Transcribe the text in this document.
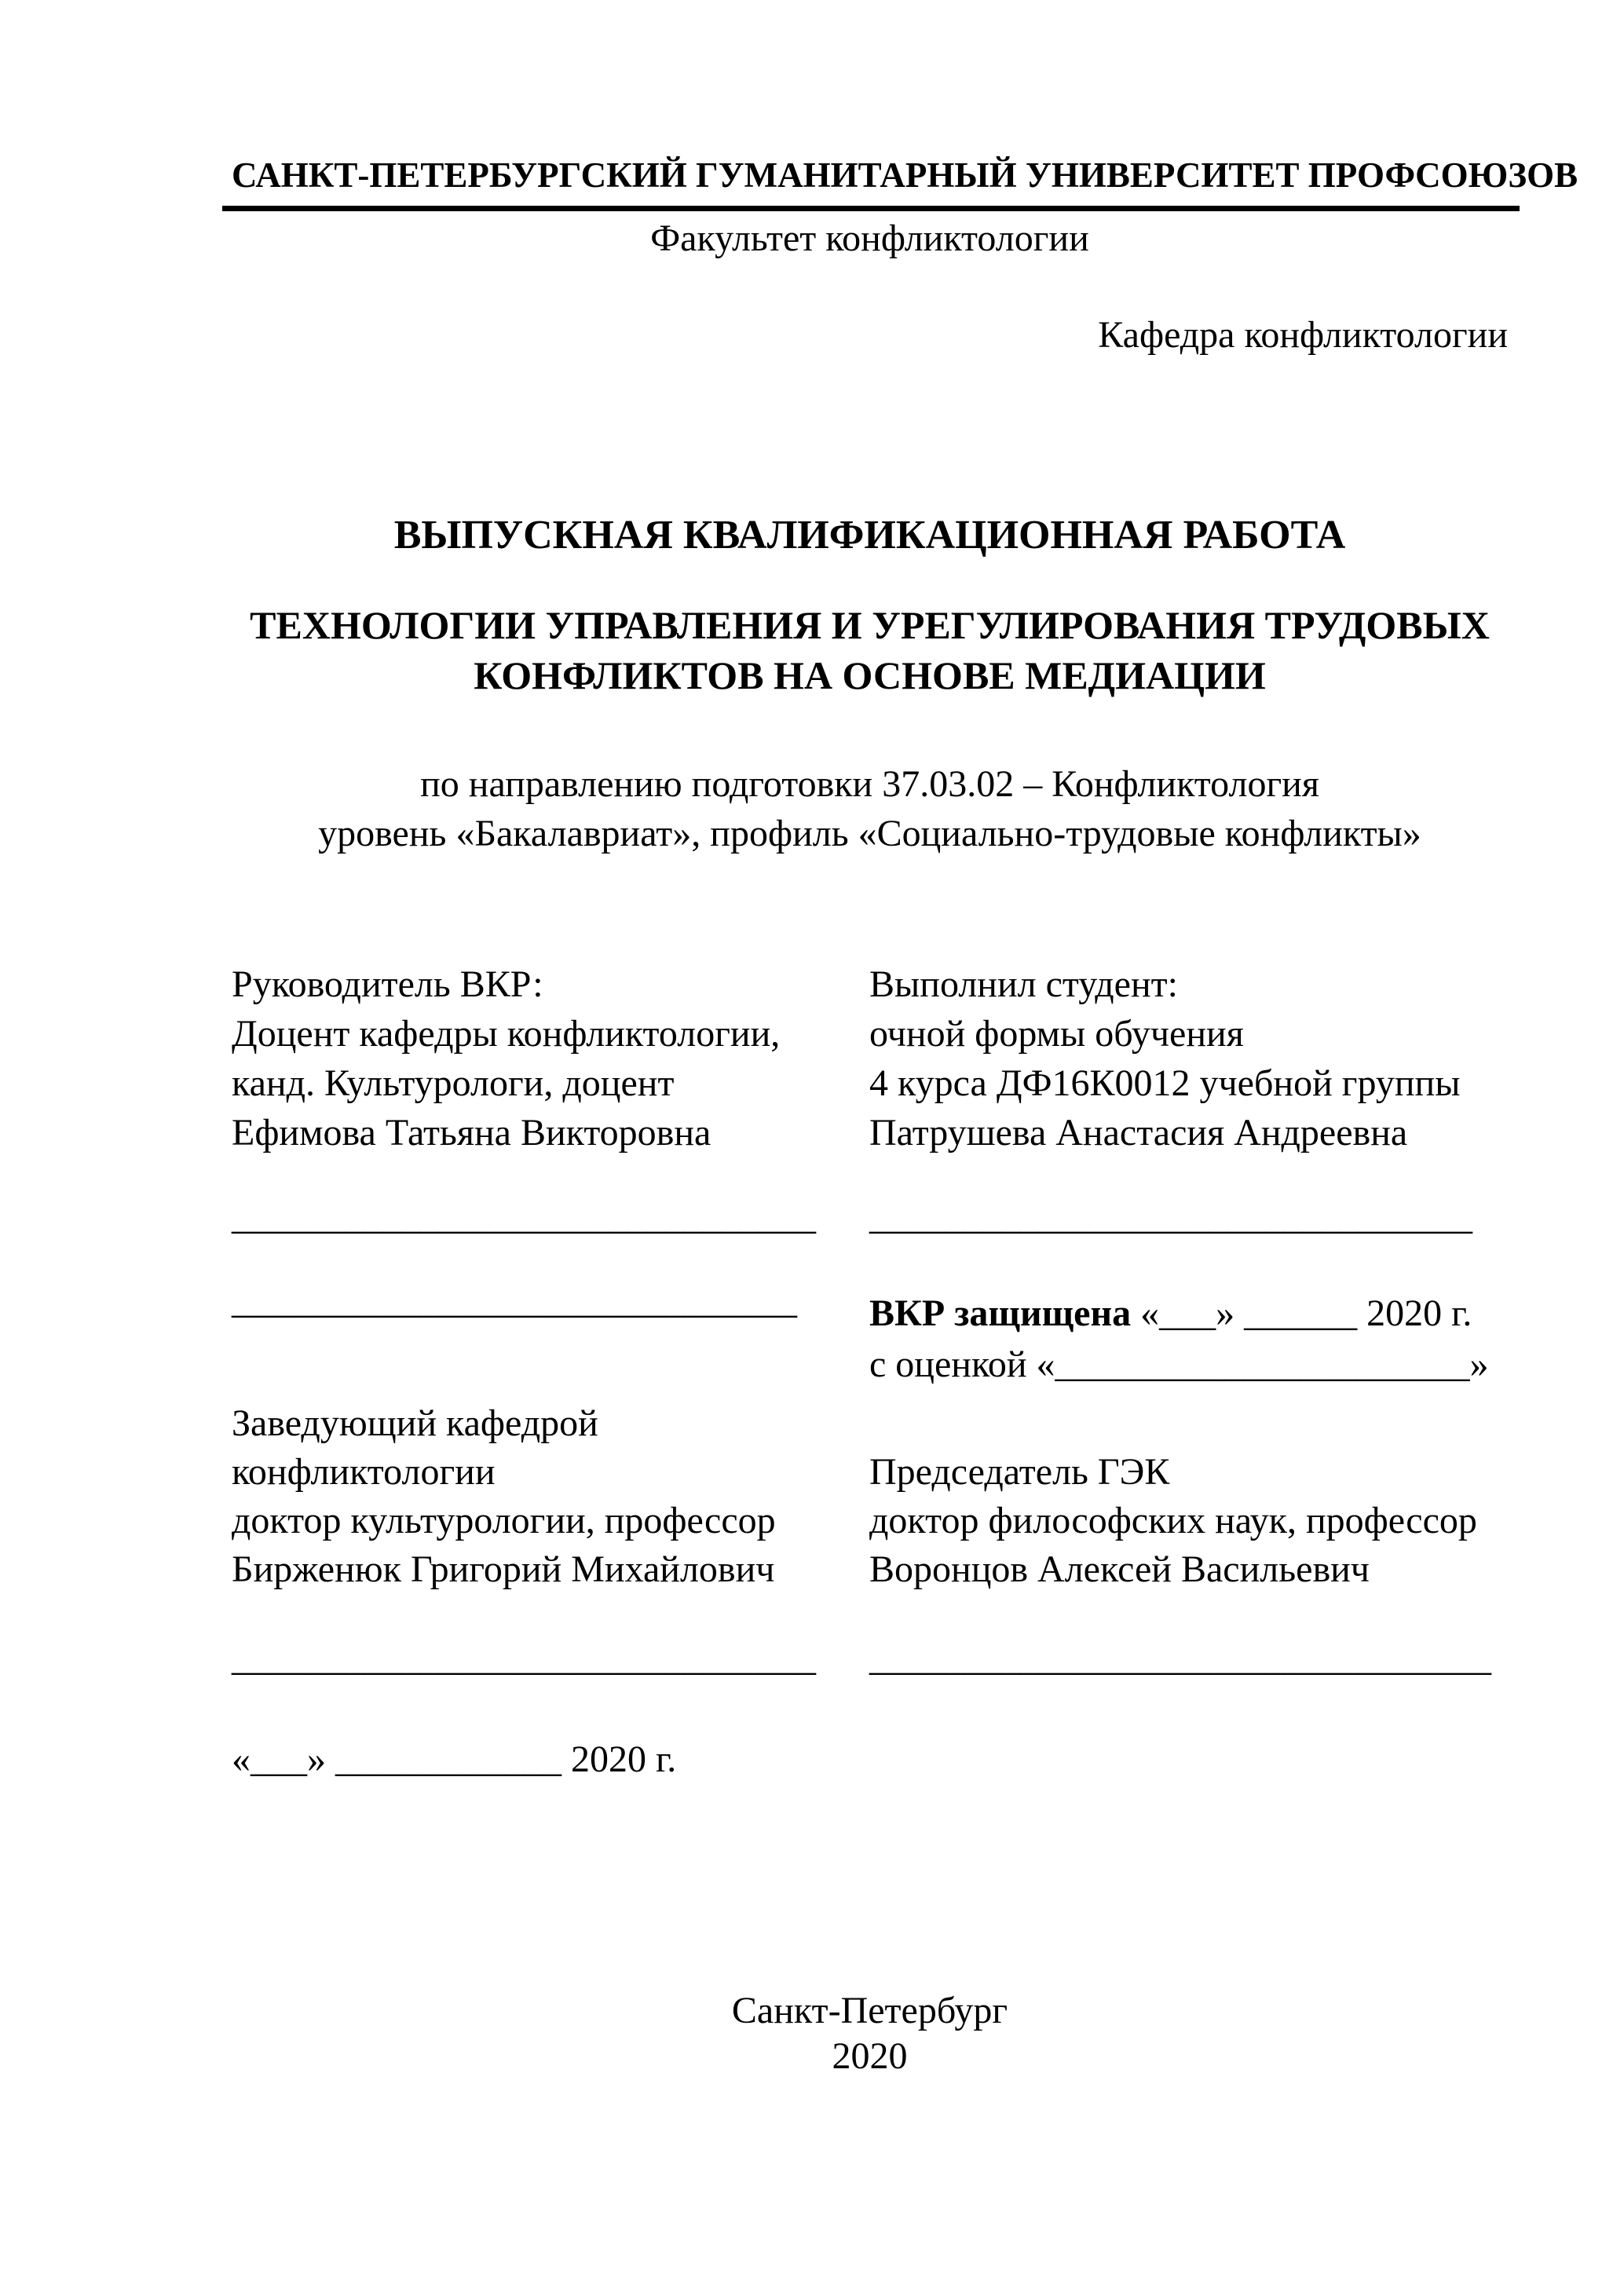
САНКТ-ПЕТЕРБУРГСКИЙ ГУМАНИТАРНЫЙ УНИВЕРСИТЕТ ПРОФСОЮЗОВ
Факультет конфликтологии
Кафедра конфликтологии
ВЫПУСКНАЯ КВАЛИФИКАЦИОННАЯ РАБОТА
ТЕХНОЛОГИИ УПРАВЛЕНИЯ И УРЕГУЛИРОВАНИЯ ТРУДОВЫХ
КОНФЛИКТОВ НА ОСНОВЕ МЕДИАЦИИ
по направлению подготовки 37.03.02 – Конфликтология
уровень «Бакалавриат», профиль «Социально-трудовые конфликты»
Руководитель ВКР:
Доцент кафедры конфликтологии,
канд. Культурологи, доцент
Ефимова Татьяна Викторовна
Выполнил студент:
очной формы обучения
4 курса ДФ16К0012 учебной группы
Патрушева Анастасия Андреевна
_______________________________ ________________________________
______________________________ ВКР защищена «___» ______ 2020 г.
с оценкой «______________________»
Заведующий кафедрой
конфликтологии
доктор культурологии, профессор
Бирженюк Григорий Михайлович
Председатель ГЭК
доктор философских наук, профессор
Воронцов Алексей Васильевич
_______________________________ _________________________________
«___» ____________ 2020 г.
Санкт-Петербург
2020
